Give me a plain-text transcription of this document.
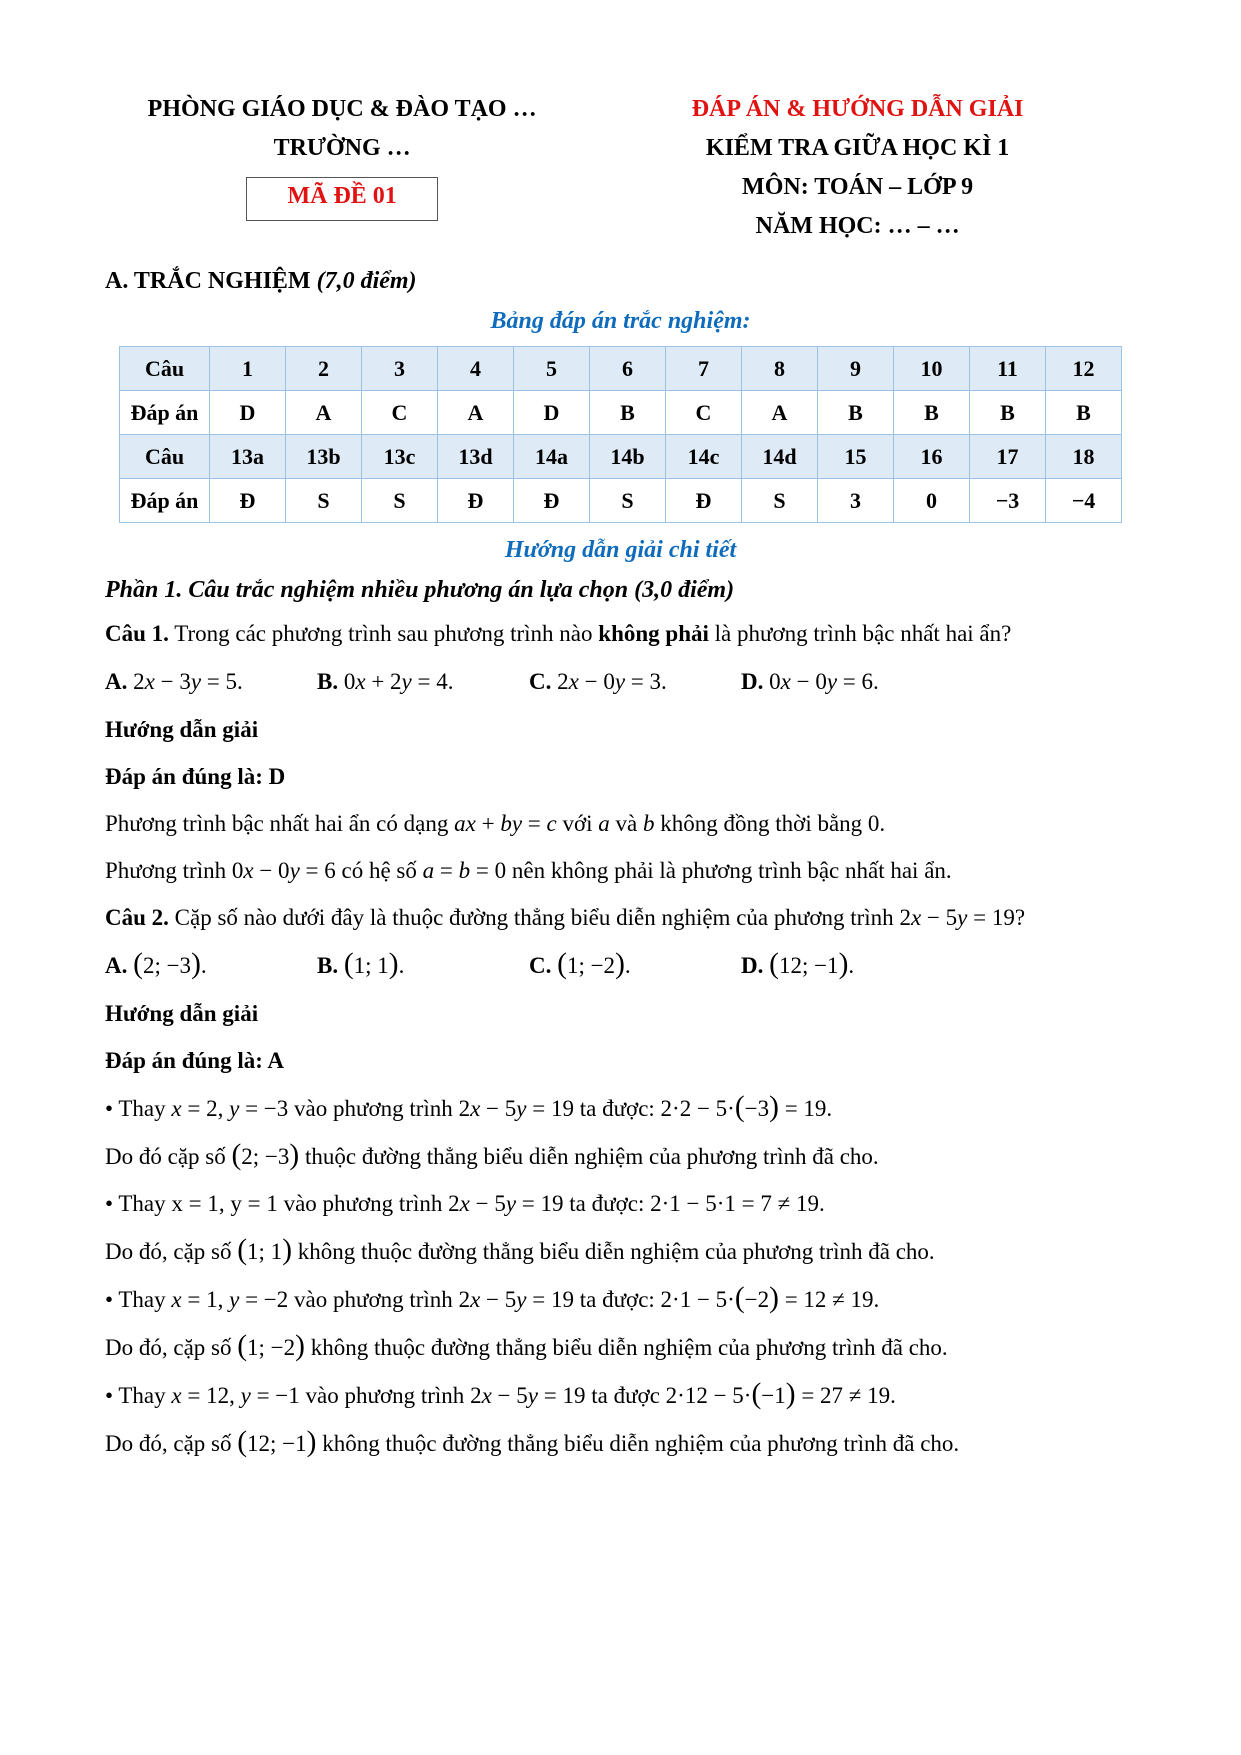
PHÒNG GIÁO DỤC & ĐÀO TẠO …

TRƯỜNG …

MÃ ĐỀ 01

ĐÁP ÁN & HƯỚNG DẪN GIẢI

KIỂM TRA GIỮA HỌC KÌ 1

MÔN: TOÁN – LỚP 9

NĂM HỌC: … – …

A. TRẮC NGHIỆM (7,0 điểm)

Bảng đáp án trắc nghiệm:

Câu	1	2	3	4	5	6	7	8	9	10	11	12
Đáp án	D	A	C	A	D	B	C	A	B	B	B	B
Câu	13a	13b	13c	13d	14a	14b	14c	14d	15	16	17	18
Đáp án	Đ	S	S	Đ	Đ	S	Đ	S	3	0	−3	−4

Hướng dẫn giải chi tiết

Phần 1. Câu trắc nghiệm nhiều phương án lựa chọn (3,0 điểm)

Câu 1. Trong các phương trình sau phương trình nào không phải là phương trình bậc nhất hai ẩn?

A. 2x − 3y = 5.	B. 0x + 2y = 4.	C. 2x − 0y = 3.	D. 0x − 0y = 6.

Hướng dẫn giải

Đáp án đúng là: D

Phương trình bậc nhất hai ẩn có dạng ax + by = c với a và b không đồng thời bằng 0.

Phương trình 0x − 0y = 6 có hệ số a = b = 0 nên không phải là phương trình bậc nhất hai ẩn.

Câu 2. Cặp số nào dưới đây là thuộc đường thẳng biểu diễn nghiệm của phương trình 2x − 5y = 19?

A. (2; −3).	B. (1; 1).	C. (1; −2).	D. (12; −1).

Hướng dẫn giải

Đáp án đúng là: A

• Thay x = 2, y = −3 vào phương trình 2x − 5y = 19 ta được: 2·2 − 5·(−3) = 19.

Do đó cặp số (2; −3) thuộc đường thẳng biểu diễn nghiệm của phương trình đã cho.

• Thay x = 1, y = 1 vào phương trình 2x − 5y = 19 ta được: 2·1 − 5·1 = 7 ≠ 19.

Do đó, cặp số (1; 1) không thuộc đường thẳng biểu diễn nghiệm của phương trình đã cho.

• Thay x = 1, y = −2 vào phương trình 2x − 5y = 19 ta được: 2·1 − 5·(−2) = 12 ≠ 19.

Do đó, cặp số (1; −2) không thuộc đường thẳng biểu diễn nghiệm của phương trình đã cho.

• Thay x = 12, y = −1 vào phương trình 2x − 5y = 19 ta được 2·12 − 5·(−1) = 27 ≠ 19.

Do đó, cặp số (12; −1) không thuộc đường thẳng biểu diễn nghiệm của phương trình đã cho.
